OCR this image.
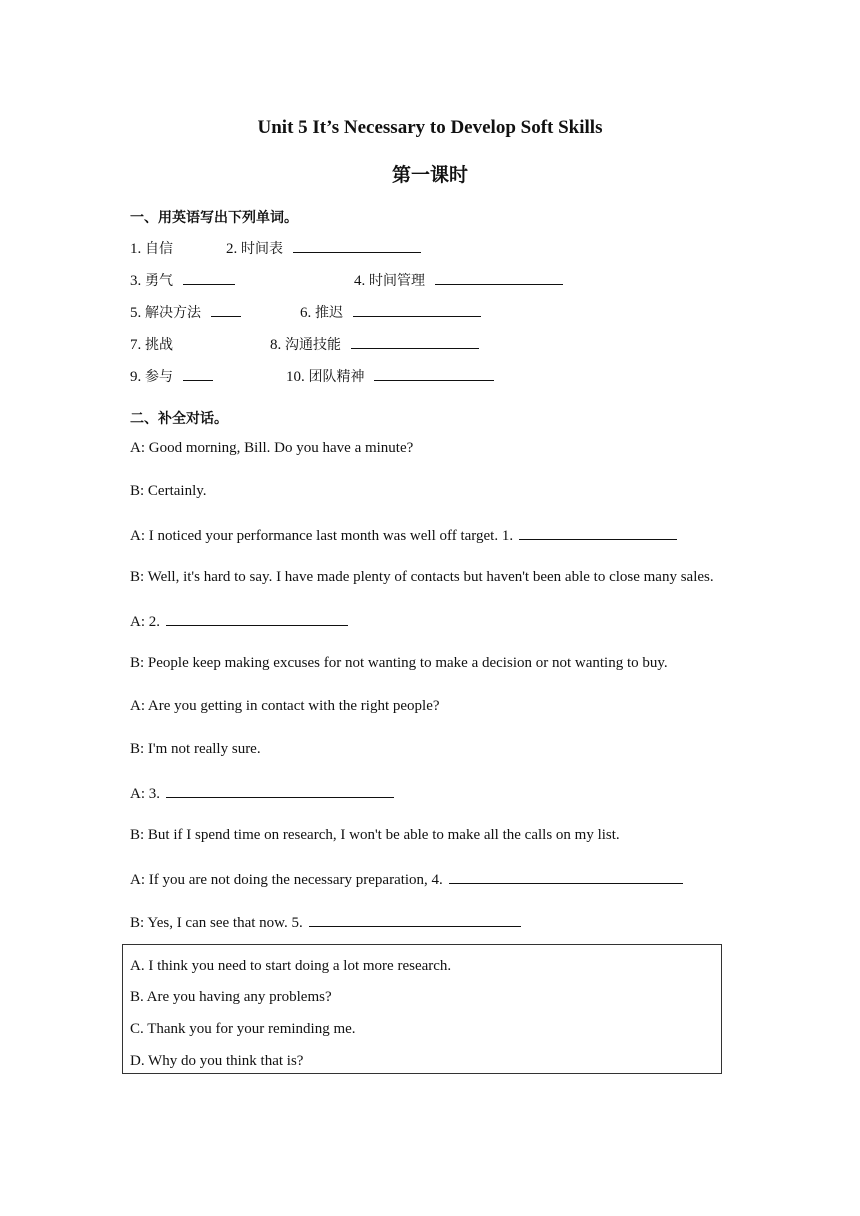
Unit 5 It’s Necessary to Develop Soft Skills
第一课时
一、用英语写出下列单词。
1. 自信	2. 时间表
3. 勇气	4. 时间管理
5. 解决方法	6. 推迟
7. 挑战	8. 沟通技能
9. 参与	10. 团队精神
二、补全对话。
A: Good morning, Bill. Do you have a minute?
B: Certainly.
A: I noticed your performance last month was well off target. 1.
B: Well, it's hard to say. I have made plenty of contacts but haven't been able to close many sales.
A: 2.
B: People keep making excuses for not wanting to make a decision or not wanting to buy.
A: Are you getting in contact with the right people?
B: I'm not really sure.
A: 3.
B: But if I spend time on research, I won't be able to make all the calls on my list.
A: If you are not doing the necessary preparation, 4.
B: Yes, I can see that now. 5.
A. I think you need to start doing a lot more research.
B. Are you having any problems?
C. Thank you for your reminding me.
D. Why do you think that is?
